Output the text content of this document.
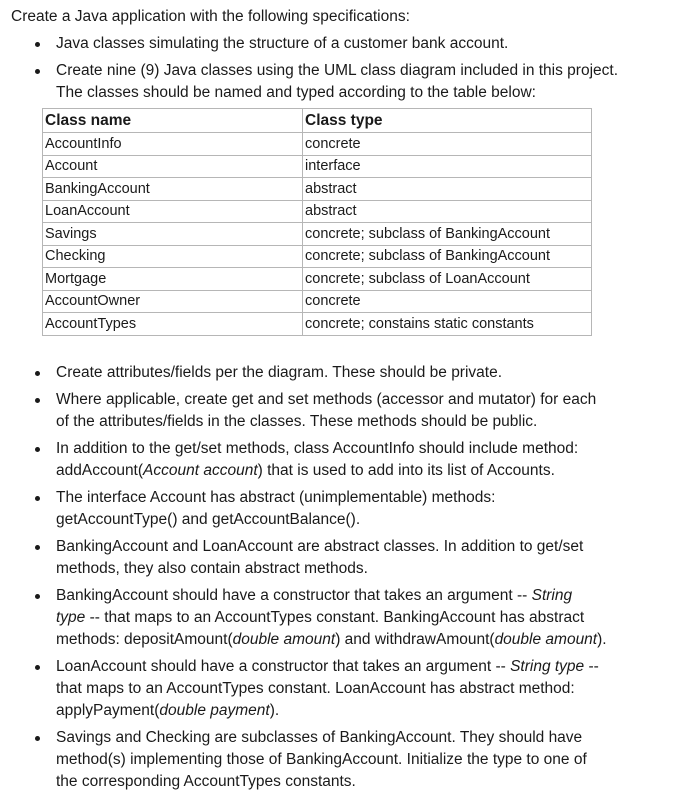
Create a Java application with the following specifications:
Java classes simulating the structure of a customer bank account.
Create nine (9) Java classes using the UML class diagram included in this project. The classes should be named and typed according to the table below:
Class name	Class type
AccountInfo	concrete
Account	interface
BankingAccount	abstract
LoanAccount	abstract
Savings	concrete; subclass of BankingAccount
Checking	concrete; subclass of BankingAccount
Mortgage	concrete; subclass of LoanAccount
AccountOwner	concrete
AccountTypes	concrete; constains static constants
Create attributes/fields per the diagram. These should be private.
Where applicable, create get and set methods (accessor and mutator) for each
of the attributes/fields in the classes. These methods should be public.
In addition to the get/set methods, class AccountInfo should include method:
addAccount(Account account) that is used to add into its list of Accounts.
The interface Account has abstract (unimplementable) methods:
getAccountType() and getAccountBalance().
BankingAccount and LoanAccount are abstract classes. In addition to get/set
methods, they also contain abstract methods.
BankingAccount should have a constructor that takes an argument -- String
type -- that maps to an AccountTypes constant. BankingAccount has abstract
methods: depositAmount(double amount) and withdrawAmount(double amount).
LoanAccount should have a constructor that takes an argument -- String type --
that maps to an AccountTypes constant. LoanAccount has abstract method:
applyPayment(double payment).
Savings and Checking are subclasses of BankingAccount. They should have
method(s) implementing those of BankingAccount. Initialize the type to one of
the corresponding AccountTypes constants.
